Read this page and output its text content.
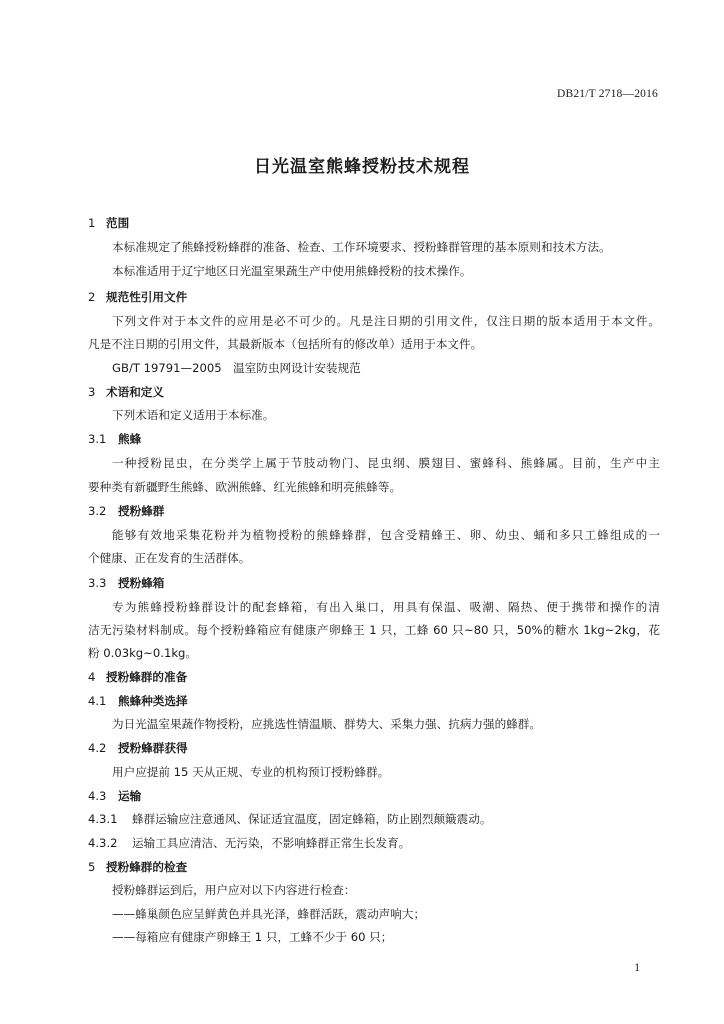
DB21/T 2718—2016
日光温室熊蜂授粉技术规程
1 范围
本标准规定了熊蜂授粉蜂群的准备、检查、工作环境要求、授粉蜂群管理的基本原则和技术方法。
本标准适用于辽宁地区日光温室果蔬生产中使用熊蜂授粉的技术操作。
2 规范性引用文件
下列文件对于本文件的应用是必不可少的。凡是注日期的引用文件，仅注日期的版本适用于本文件。
凡是不注日期的引用文件，其最新版本（包括所有的修改单）适用于本文件。
GB/T 19791—2005　温室防虫网设计安装规范
3 术语和定义
下列术语和定义适用于本标准。
3.1 熊蜂
一种授粉昆虫，在分类学上属于节肢动物门、昆虫纲、膜翅目、蜜蜂科、熊蜂属。目前，生产中主
要种类有新疆野生熊蜂、欧洲熊蜂、红光熊蜂和明亮熊蜂等。
3.2 授粉蜂群
能够有效地采集花粉并为植物授粉的熊蜂蜂群，包含受精蜂王、卵、幼虫、蛹和多只工蜂组成的一
个健康、正在发育的生活群体。
3.3 授粉蜂箱
专为熊蜂授粉蜂群设计的配套蜂箱，有出入巢口，用具有保温、吸潮、隔热、便于携带和操作的清
洁无污染材料制成。每个授粉蜂箱应有健康产卵蜂王 1 只，工蜂 60 只~80 只，50%的糖水 1kg~2kg，花
粉 0.03kg~0.1kg。
4 授粉蜂群的准备
4.1 熊蜂种类选择
为日光温室果蔬作物授粉，应挑选性情温顺、群势大、采集力强、抗病力强的蜂群。
4.2 授粉蜂群获得
用户应提前 15 天从正规、专业的机构预订授粉蜂群。
4.3 运输
4.3.1 蜂群运输应注意通风、保证适宜温度，固定蜂箱，防止剧烈颠簸震动。
4.3.2 运输工具应清洁、无污染，不影响蜂群正常生长发育。
5 授粉蜂群的检查
授粉蜂群运到后，用户应对以下内容进行检查：
——蜂巢颜色应呈鲜黄色并具光泽，蜂群活跃，震动声响大；
——每箱应有健康产卵蜂王 1 只，工蜂不少于 60 只；
1
